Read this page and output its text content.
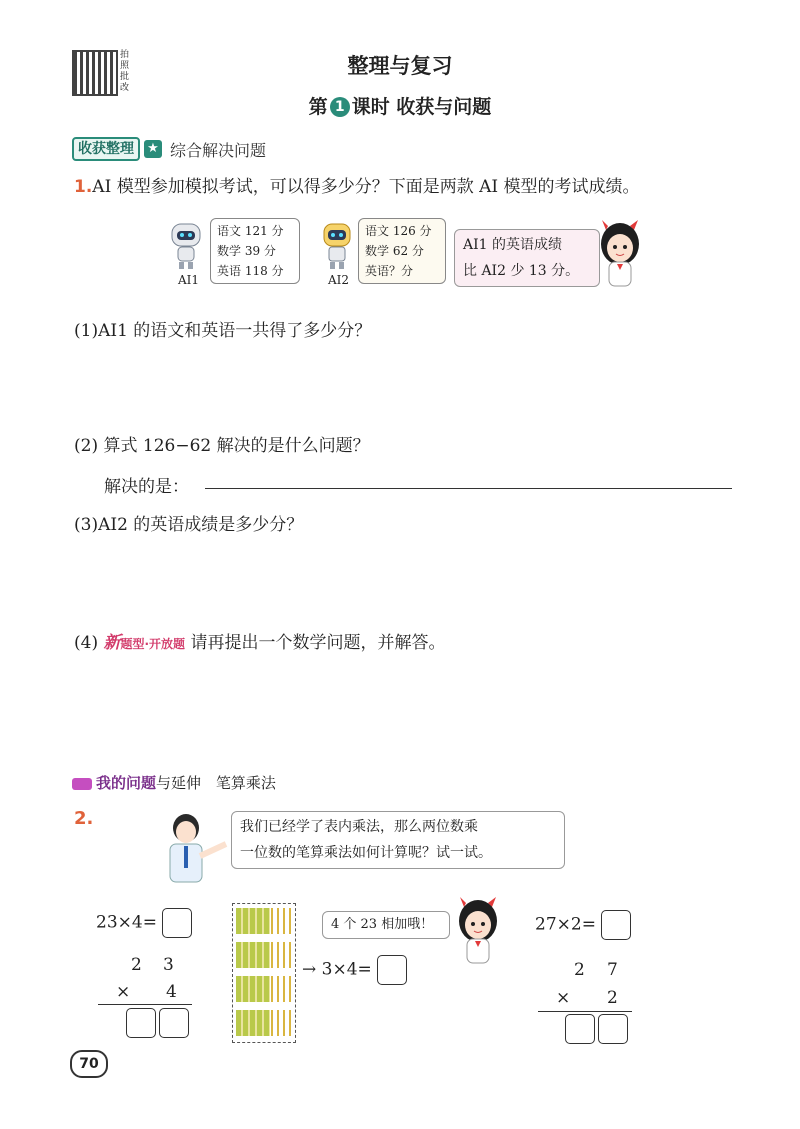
拍照批改
整理与复习
第 1 课时 收获与问题
收获整理	★ 综合解决问题
1.AI 模型参加模拟考试，可以得多少分？下面是两款 AI 模型的考试成绩。
AI1
语文 121 分
数学 39 分
英语 118 分
AI2
语文 126 分
数学 62 分
英语？分
AI1 的英语成绩
比 AI2 少 13 分。
(1)AI1 的语文和英语一共得了多少分？
(2) 算式 126−62 解决的是什么问题？
解决的是：
(3)AI2 的英语成绩是多少分？
(4) 新题型·开放题 请再提出一个数学问题，并解答。
我的问题与延伸 笔算乘法
2.	我们已经学了表内乘法，那么两位数乘
一位数的笔算乘法如何计算呢？试一试。
23×4=
2 3
× 4
4 个 23 相加哦！
→ 3×4=
27×2=
2 7
× 2
70
